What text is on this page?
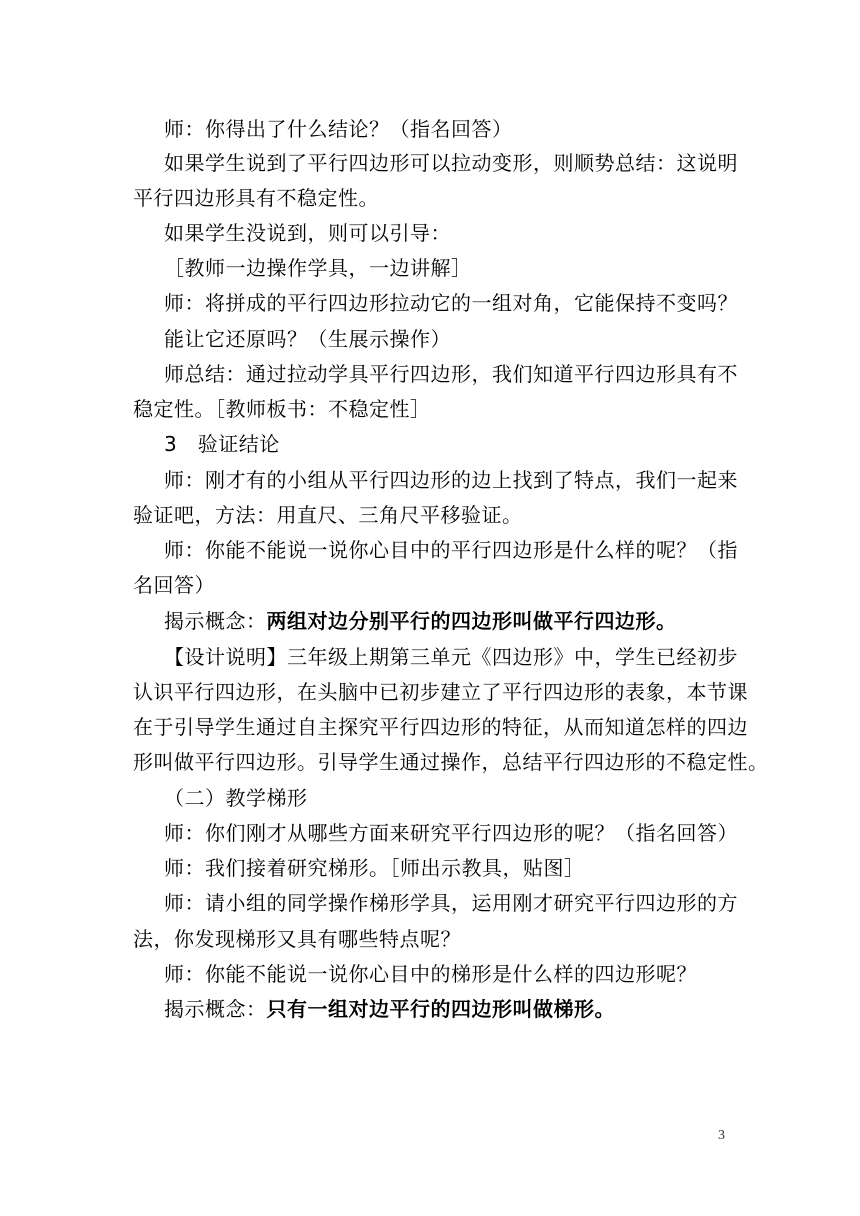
师：你得出了什么结论？（指名回答）
如果学生说到了平行四边形可以拉动变形，则顺势总结：这说明
平行四边形具有不稳定性。
如果学生没说到，则可以引导：
［教师一边操作学具，一边讲解］
师：将拼成的平行四边形拉动它的一组对角，它能保持不变吗？
能让它还原吗？（生展示操作）
师总结：通过拉动学具平行四边形，我们知道平行四边形具有不
稳定性。［教师板书：不稳定性］
3　验证结论
师：刚才有的小组从平行四边形的边上找到了特点，我们一起来
验证吧，方法：用直尺、三角尺平移验证。
师：你能不能说一说你心目中的平行四边形是什么样的呢？（指
名回答）
揭示概念：两组对边分别平行的四边形叫做平行四边形。
【设计说明】三年级上期第三单元《四边形》中，学生已经初步
认识平行四边形，在头脑中已初步建立了平行四边形的表象，本节课
在于引导学生通过自主探究平行四边形的特征，从而知道怎样的四边
形叫做平行四边形。引导学生通过操作，总结平行四边形的不稳定性。
（二）教学梯形
师：你们刚才从哪些方面来研究平行四边形的呢？（指名回答）
师：我们接着研究梯形。［师出示教具，贴图］
师：请小组的同学操作梯形学具，运用刚才研究平行四边形的方
法，你发现梯形又具有哪些特点呢？
师：你能不能说一说你心目中的梯形是什么样的四边形呢？
揭示概念：只有一组对边平行的四边形叫做梯形。
3
